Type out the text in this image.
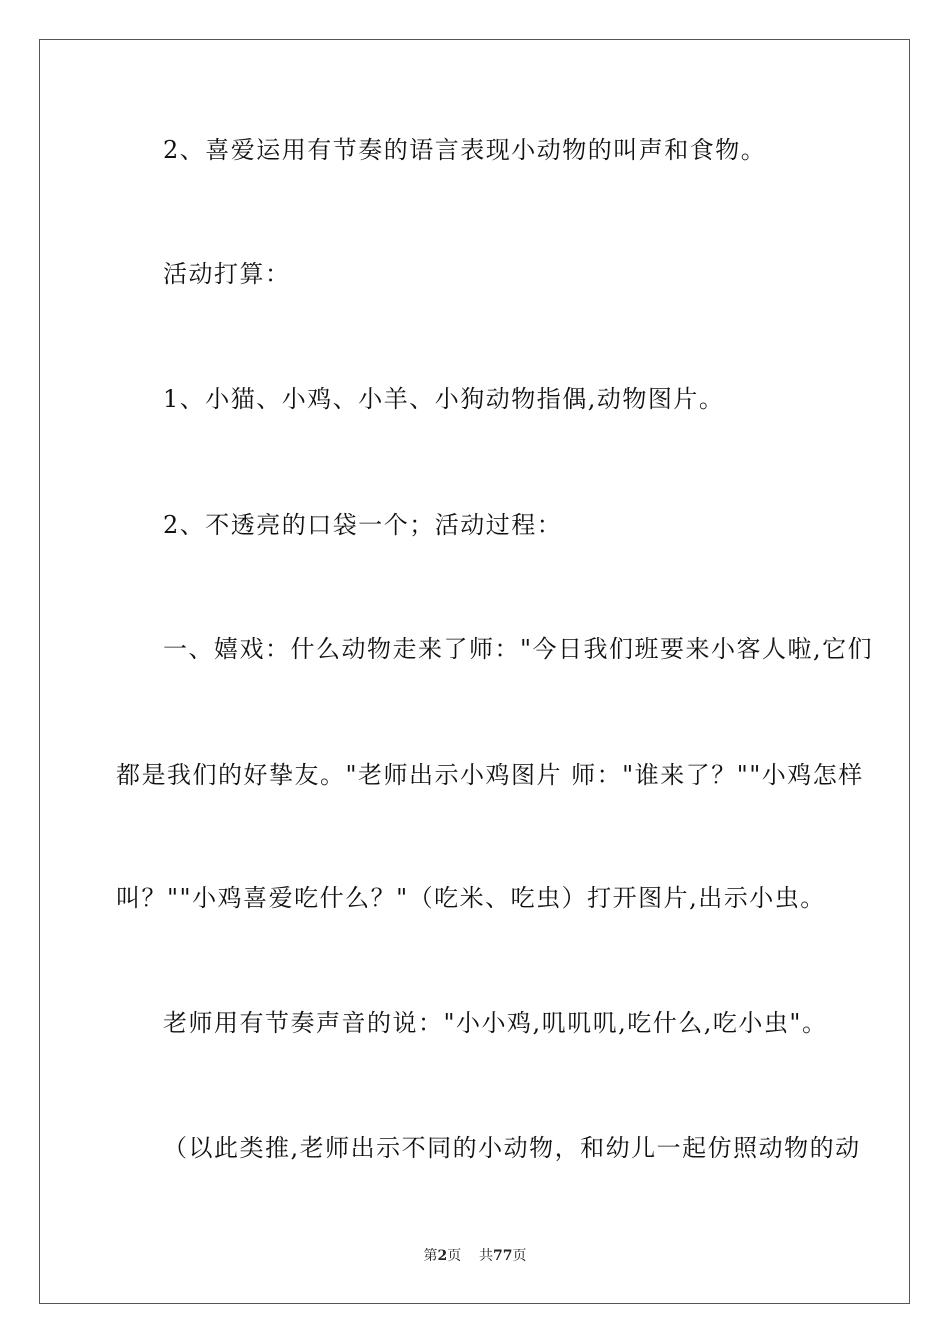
2、喜爱运用有节奏的语言表现小动物的叫声和食物。
活动打算：
1、小猫、小鸡、小羊、小狗动物指偶,动物图片。
2、不透亮的口袋一个；活动过程：
一、嬉戏：什么动物走来了师："今日我们班要来小客人啦,它们
都是我们的好挚友。"老师出示小鸡图片 师："谁来了？""小鸡怎样
叫？""小鸡喜爱吃什么？"（吃米、吃虫）打开图片,出示小虫。
老师用有节奏声音的说："小小鸡,叽叽叽,吃什么,吃小虫"。
（以此类推,老师出示不同的小动物，和幼儿一起仿照动物的动
第2页 共77页
